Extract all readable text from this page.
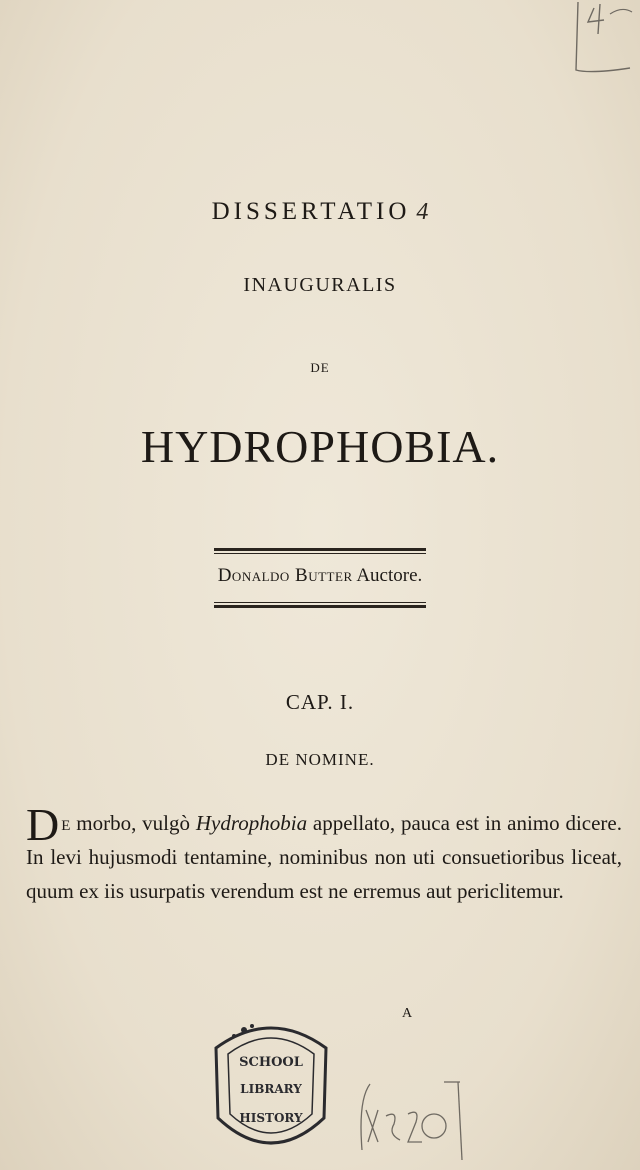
DISSERTATIO 4
INAUGURALIS
DE
HYDROPHOBIA.
Donaldo Butter Auctore.
CAP. I.
DE NOMINE.
De morbo, vulgò Hydrophobia appellato, pauca est in animo dicere. In levi hujusmodi tentamine, nominibus non uti consuetioribus liceat, quum ex iis usurpatis verendum est ne erremus aut periclitemur.
A
SCHOOL
LIBRARY
HISTORY
